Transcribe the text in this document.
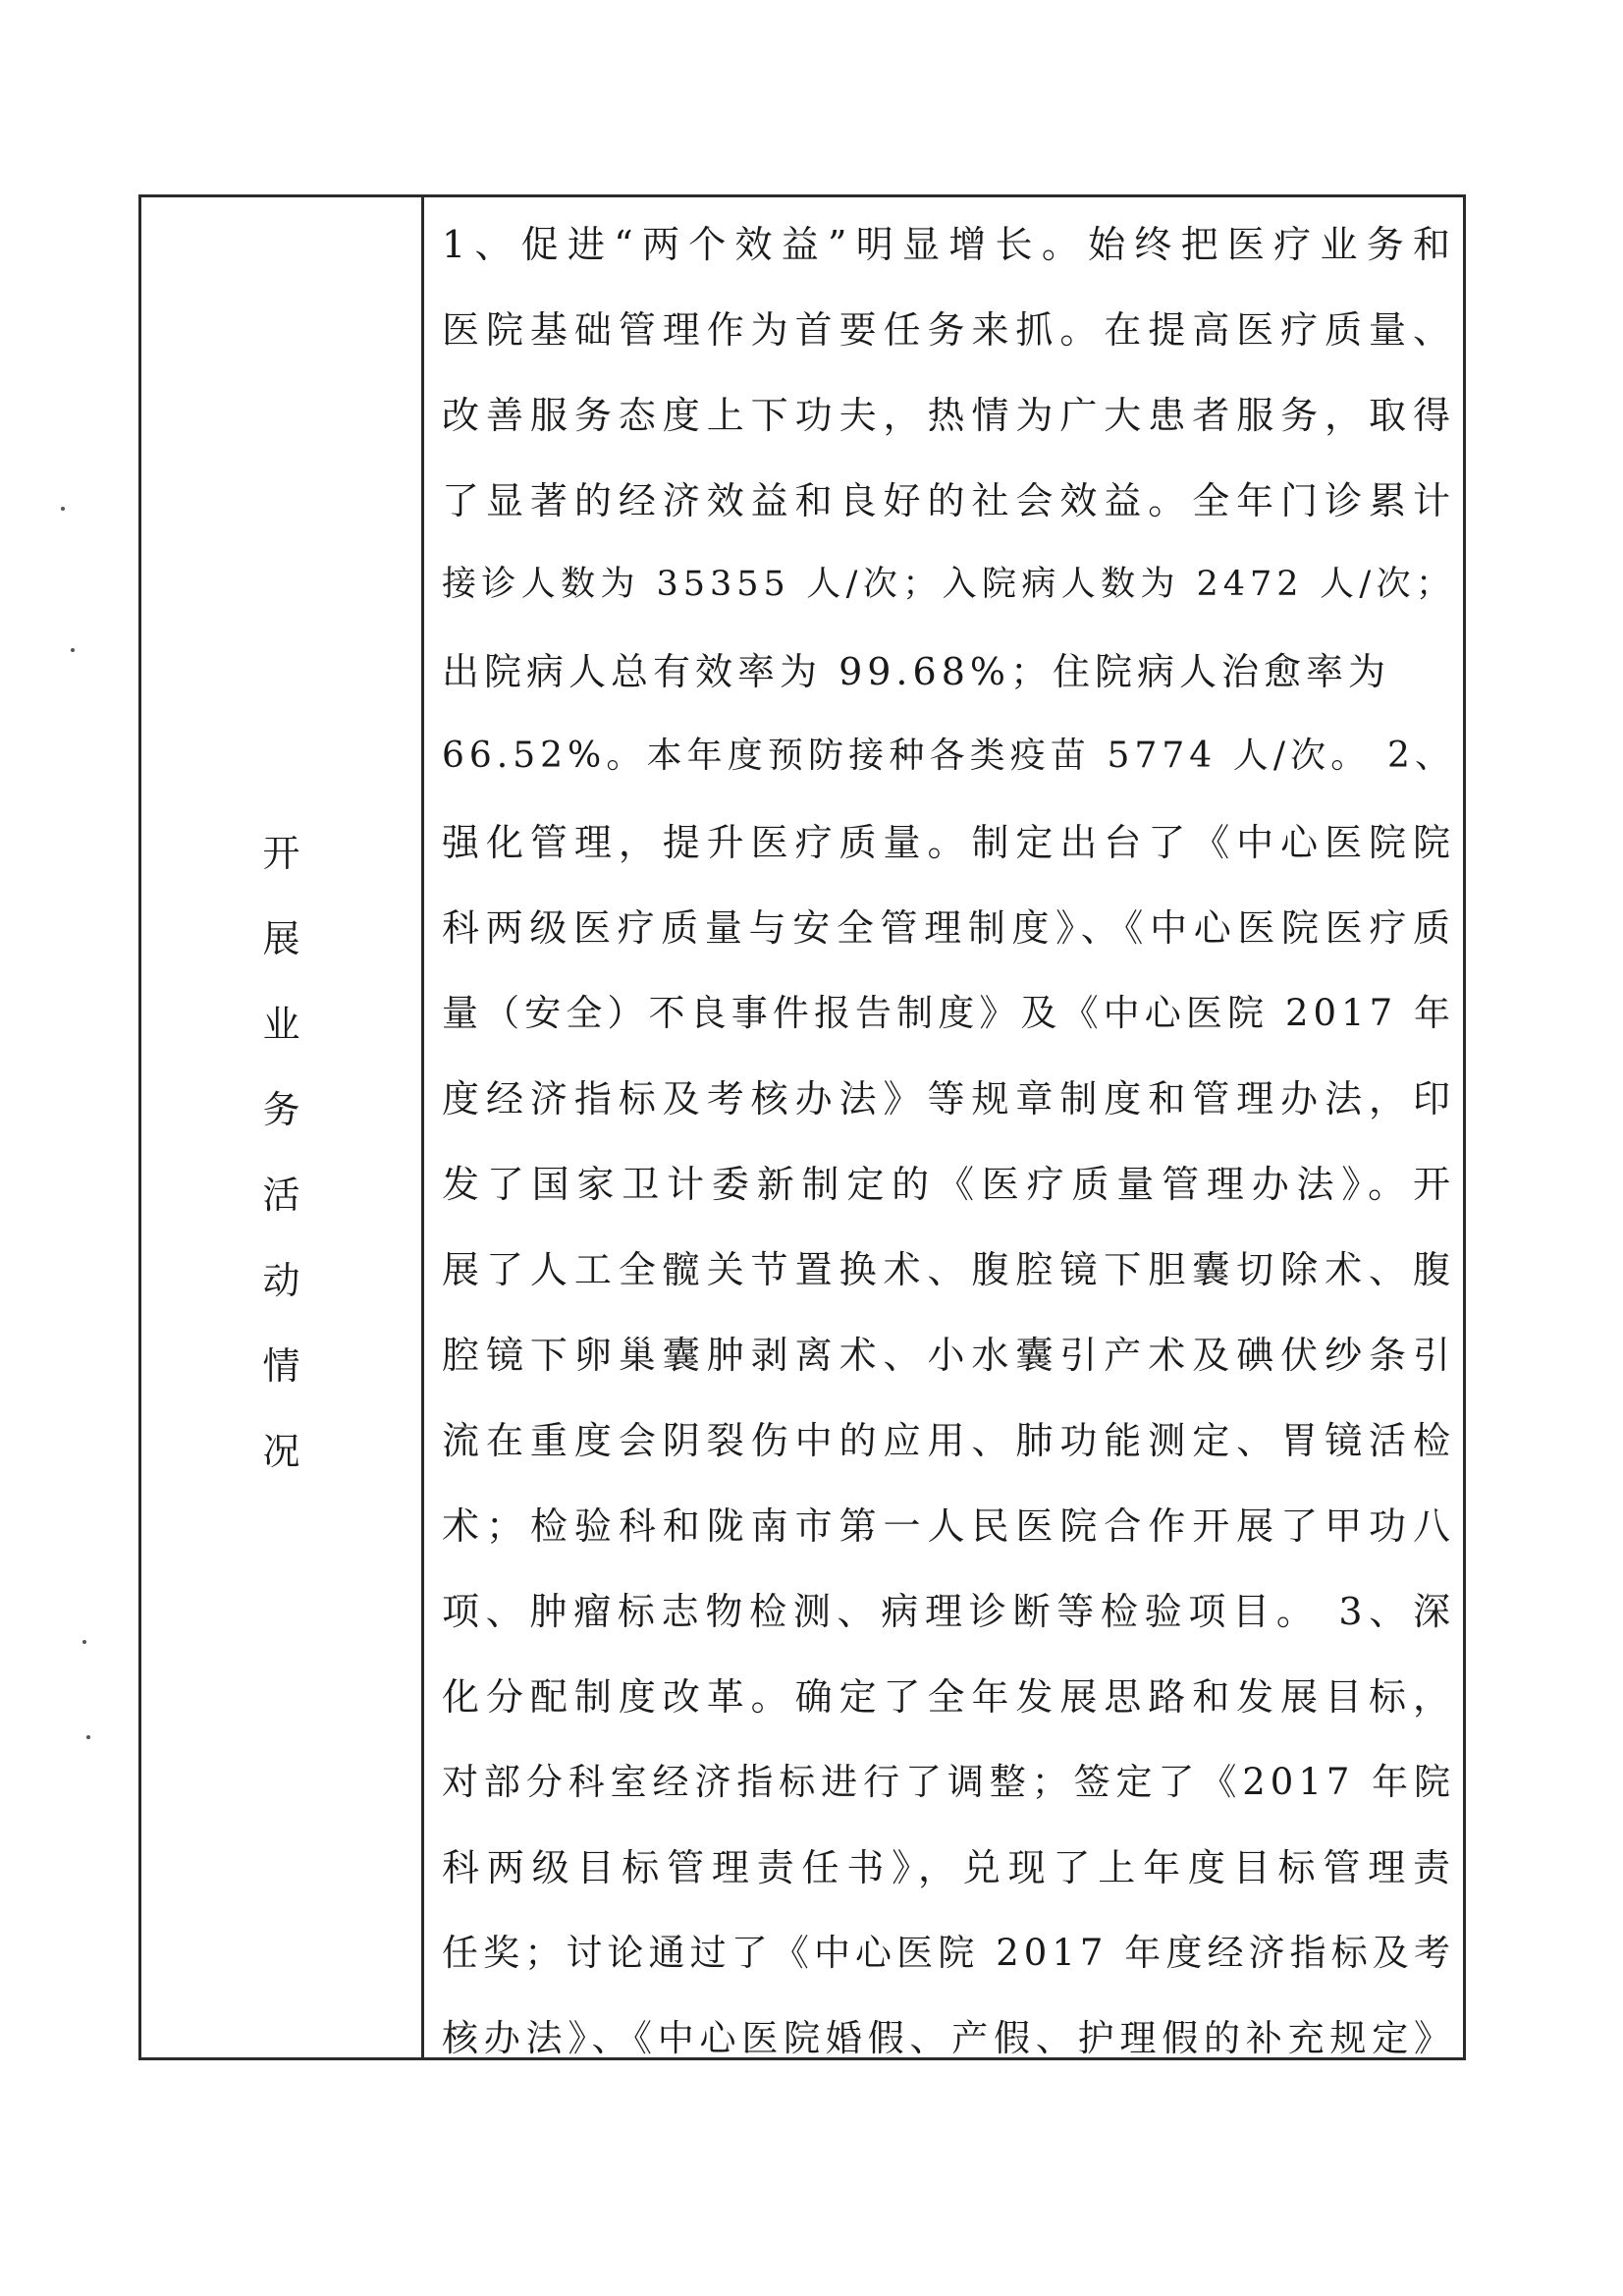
开
展
业
务
活
动
情
况
1、促进“两个效益”明显增长。始终把医疗业务和
医院基础管理作为首要任务来抓。在提高医疗质量、
改善服务态度上下功夫，热情为广大患者服务，取得
了显著的经济效益和良好的社会效益。全年门诊累计
接诊人数为 35355 人/次；入院病人数为 2472 人/次；
出院病人总有效率为 99.68%；住院病人治愈率为
66.52%。本年度预防接种各类疫苗 5774 人/次。 2、
强化管理，提升医疗质量。制定出台了《中心医院院
科两级医疗质量与安全管理制度》、《中心医院医疗质
量（安全）不良事件报告制度》及《中心医院 2017 年
度经济指标及考核办法》等规章制度和管理办法，印
发了国家卫计委新制定的《医疗质量管理办法》。开
展了人工全髋关节置换术、腹腔镜下胆囊切除术、腹
腔镜下卵巢囊肿剥离术、小水囊引产术及碘伏纱条引
流在重度会阴裂伤中的应用、肺功能测定、胃镜活检
术；检验科和陇南市第一人民医院合作开展了甲功八
项、肿瘤标志物检测、病理诊断等检验项目。 3、深
化分配制度改革。确定了全年发展思路和发展目标，
对部分科室经济指标进行了调整；签定了《2017 年院
科两级目标管理责任书》，兑现了上年度目标管理责
任奖；讨论通过了《中心医院 2017 年度经济指标及考
核办法》、《中心医院婚假、产假、护理假的补充规定》
